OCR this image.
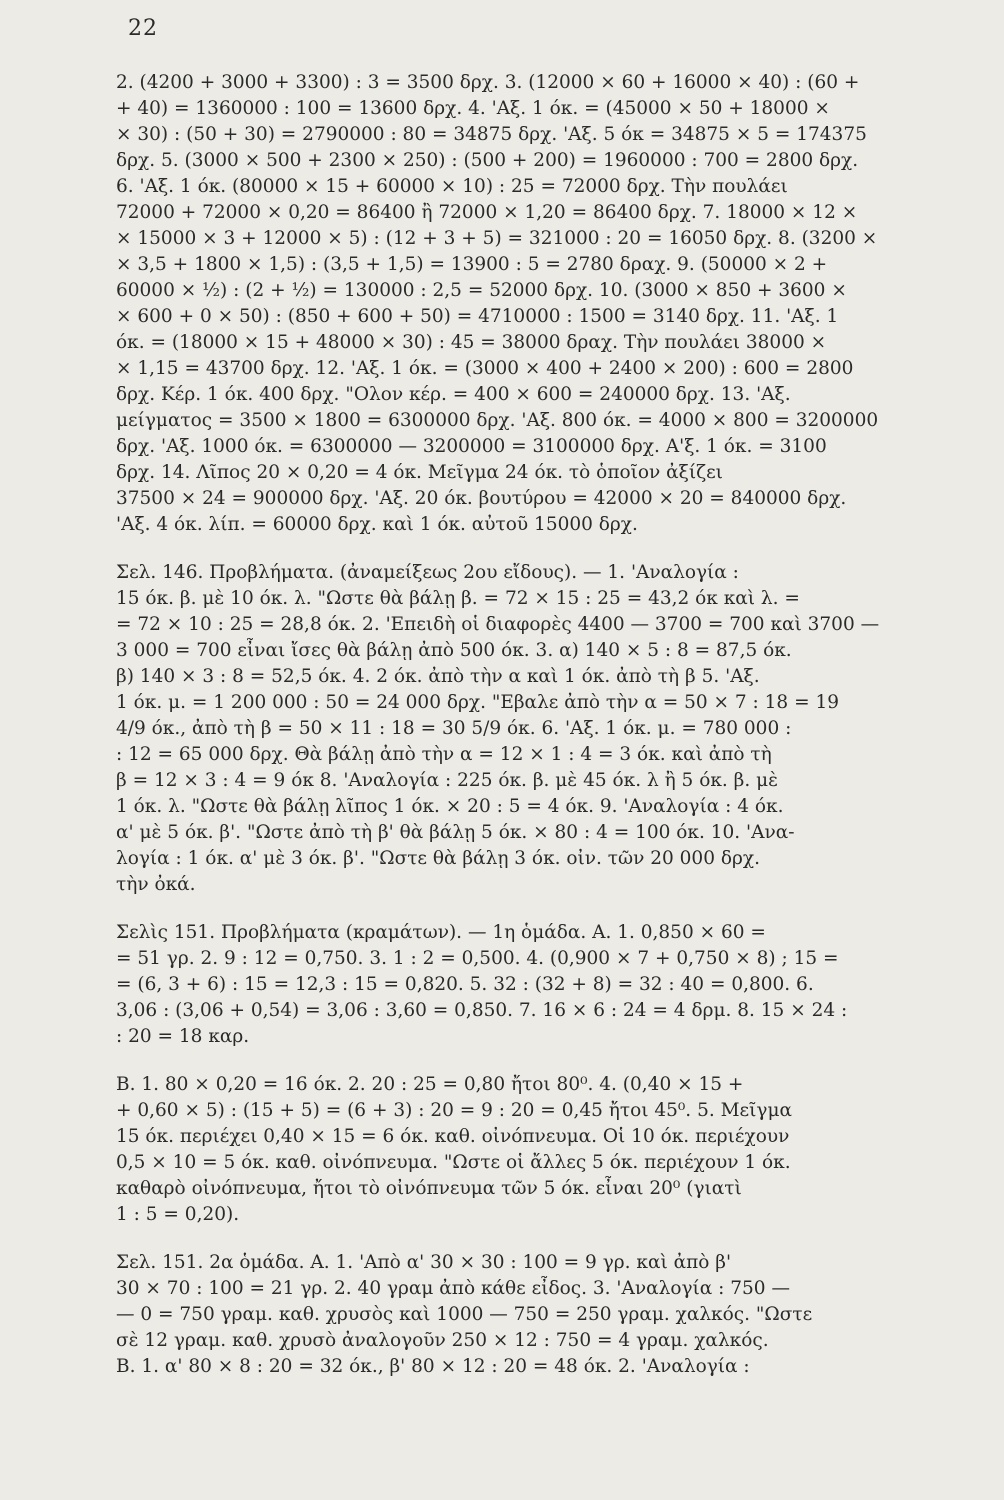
22
2. (4200 + 3000 + 3300) : 3 = 3500 δρχ. 3. (12000 × 60 + 16000 × 40) : (60 +
+ 40) = 1360000 : 100 = 13600 δρχ. 4. 'Αξ. 1 όκ. = (45000 × 50 + 18000 ×
× 30) : (50 + 30) = 2790000 : 80 = 34875 δρχ. 'Αξ. 5 όκ = 34875 × 5 = 174375
δρχ. 5. (3000 × 500 + 2300 × 250) : (500 + 200) = 1960000 : 700 = 2800 δρχ.
6. 'Αξ. 1 όκ. (80000 × 15 + 60000 × 10) : 25 = 72000 δρχ. Τὴν πουλάει
72000 + 72000 × 0,20 = 86400 ἢ 72000 × 1,20 = 86400 δρχ. 7. 18000 × 12 ×
× 15000 × 3 + 12000 × 5) : (12 + 3 + 5) = 321000 : 20 = 16050 δρχ. 8. (3200 ×
× 3,5 + 1800 × 1,5) : (3,5 + 1,5) = 13900 : 5 = 2780 δραχ. 9. (50000 × 2 +
60000 × ½) : (2 + ½) = 130000 : 2,5 = 52000 δρχ. 10. (3000 × 850 + 3600 ×
× 600 + 0 × 50) : (850 + 600 + 50) = 4710000 : 1500 = 3140 δρχ. 11. 'Αξ. 1
όκ. = (18000 × 15 + 48000 × 30) : 45 = 38000 δραχ. Τὴν πουλάει 38000 ×
× 1,15 = 43700 δρχ. 12. 'Αξ. 1 όκ. = (3000 × 400 + 2400 × 200) : 600 = 2800
δρχ. Κέρ. 1 όκ. 400 δρχ. "Ολον κέρ. = 400 × 600 = 240000 δρχ. 13. 'Αξ.
μείγματος = 3500 × 1800 = 6300000 δρχ. 'Αξ. 800 όκ. = 4000 × 800 = 3200000
δρχ. 'Αξ. 1000 όκ. = 6300000 — 3200000 = 3100000 δρχ. Α'ξ. 1 όκ. = 3100
δρχ. 14. Λῖπος 20 × 0,20 = 4 όκ. Μεῖγμα 24 όκ. τὸ ὁποῖον ἀξίζει
37500 × 24 = 900000 δρχ. 'Αξ. 20 όκ. βουτύρου = 42000 × 20 = 840000 δρχ.
'Αξ. 4 όκ. λίπ. = 60000 δρχ. καὶ 1 όκ. αὐτοῦ 15000 δρχ.
Σελ. 146. Προβλήματα. (ἀναμείξεως 2ου εἴδους). — 1. 'Αναλογία :
15 όκ. β. μὲ 10 όκ. λ. "Ωστε θὰ βάλῃ β. = 72 × 15 : 25 = 43,2 όκ καὶ λ. =
= 72 × 10 : 25 = 28,8 όκ. 2. 'Επειδὴ οἱ διαφορὲς 4400 — 3700 = 700 καὶ 3700 —
3 000 = 700 εἶναι ἴσες θὰ βάλῃ ἀπὸ 500 όκ. 3. α) 140 × 5 : 8 = 87,5 όκ.
β) 140 × 3 : 8 = 52,5 όκ. 4. 2 όκ. ἀπὸ τὴν α καὶ 1 όκ. ἀπὸ τὴ β 5. 'Αξ.
1 όκ. μ. = 1 200 000 : 50 = 24 000 δρχ. "Εβαλε ἀπὸ τὴν α = 50 × 7 : 18 = 19
4/9 όκ., ἀπὸ τὴ β = 50 × 11 : 18 = 30 5/9 όκ. 6. 'Αξ. 1 όκ. μ. = 780 000 :
: 12 = 65 000 δρχ. Θὰ βάλῃ ἀπὸ τὴν α = 12 × 1 : 4 = 3 όκ. καὶ ἀπὸ τὴ
β = 12 × 3 : 4 = 9 όκ 8. 'Αναλογία : 225 όκ. β. μὲ 45 όκ. λ ἢ 5 όκ. β. μὲ
1 όκ. λ. "Ωστε θὰ βάλῃ λῖπος 1 όκ. × 20 : 5 = 4 όκ. 9. 'Αναλογία : 4 όκ.
α' μὲ 5 όκ. β'. "Ωστε ἀπὸ τὴ β' θὰ βάλῃ 5 όκ. × 80 : 4 = 100 όκ. 10. 'Ανα-
λογία : 1 όκ. α' μὲ 3 όκ. β'. "Ωστε θὰ βάλῃ 3 όκ. οἰν. τῶν 20 000 δρχ.
τὴν ὀκά.
Σελὶς 151. Προβλήματα (κραμάτων). — 1η ὁμάδα. Α. 1. 0,850 × 60 =
= 51 γρ. 2. 9 : 12 = 0,750. 3. 1 : 2 = 0,500. 4. (0,900 × 7 + 0,750 × 8) ; 15 =
= (6, 3 + 6) : 15 = 12,3 : 15 = 0,820. 5. 32 : (32 + 8) = 32 : 40 = 0,800. 6.
3,06 : (3,06 + 0,54) = 3,06 : 3,60 = 0,850. 7. 16 × 6 : 24 = 4 δρμ. 8. 15 × 24 :
: 20 = 18 καρ.
Β. 1. 80 × 0,20 = 16 όκ. 2. 20 : 25 = 0,80 ἤτοι 80⁰. 4. (0,40 × 15 +
+ 0,60 × 5) : (15 + 5) = (6 + 3) : 20 = 9 : 20 = 0,45 ἤτοι 45⁰. 5. Μεῖγμα
15 όκ. περιέχει 0,40 × 15 = 6 όκ. καθ. οἰνόπνευμα. Οἱ 10 όκ. περιέχουν
0,5 × 10 = 5 όκ. καθ. οἰνόπνευμα. "Ωστε οἱ ἄλλες 5 όκ. περιέχουν 1 όκ.
καθαρὸ οἰνόπνευμα, ἤτοι τὸ οἰνόπνευμα τῶν 5 όκ. εἶναι 20⁰ (γιατὶ
1 : 5 = 0,20).
Σελ. 151. 2α ὁμάδα. Α. 1. 'Απὸ α' 30 × 30 : 100 = 9 γρ. καὶ ἀπὸ β'
30 × 70 : 100 = 21 γρ. 2. 40 γραμ ἀπὸ κάθε εἶδος. 3. 'Αναλογία : 750 —
— 0 = 750 γραμ. καθ. χρυσὸς καὶ 1000 — 750 = 250 γραμ. χαλκός. "Ωστε
σὲ 12 γραμ. καθ. χρυσὸ ἀναλογοῦν 250 × 12 : 750 = 4 γραμ. χαλκός.
Β. 1. α' 80 × 8 : 20 = 32 όκ., β' 80 × 12 : 20 = 48 όκ. 2. 'Αναλογία :
